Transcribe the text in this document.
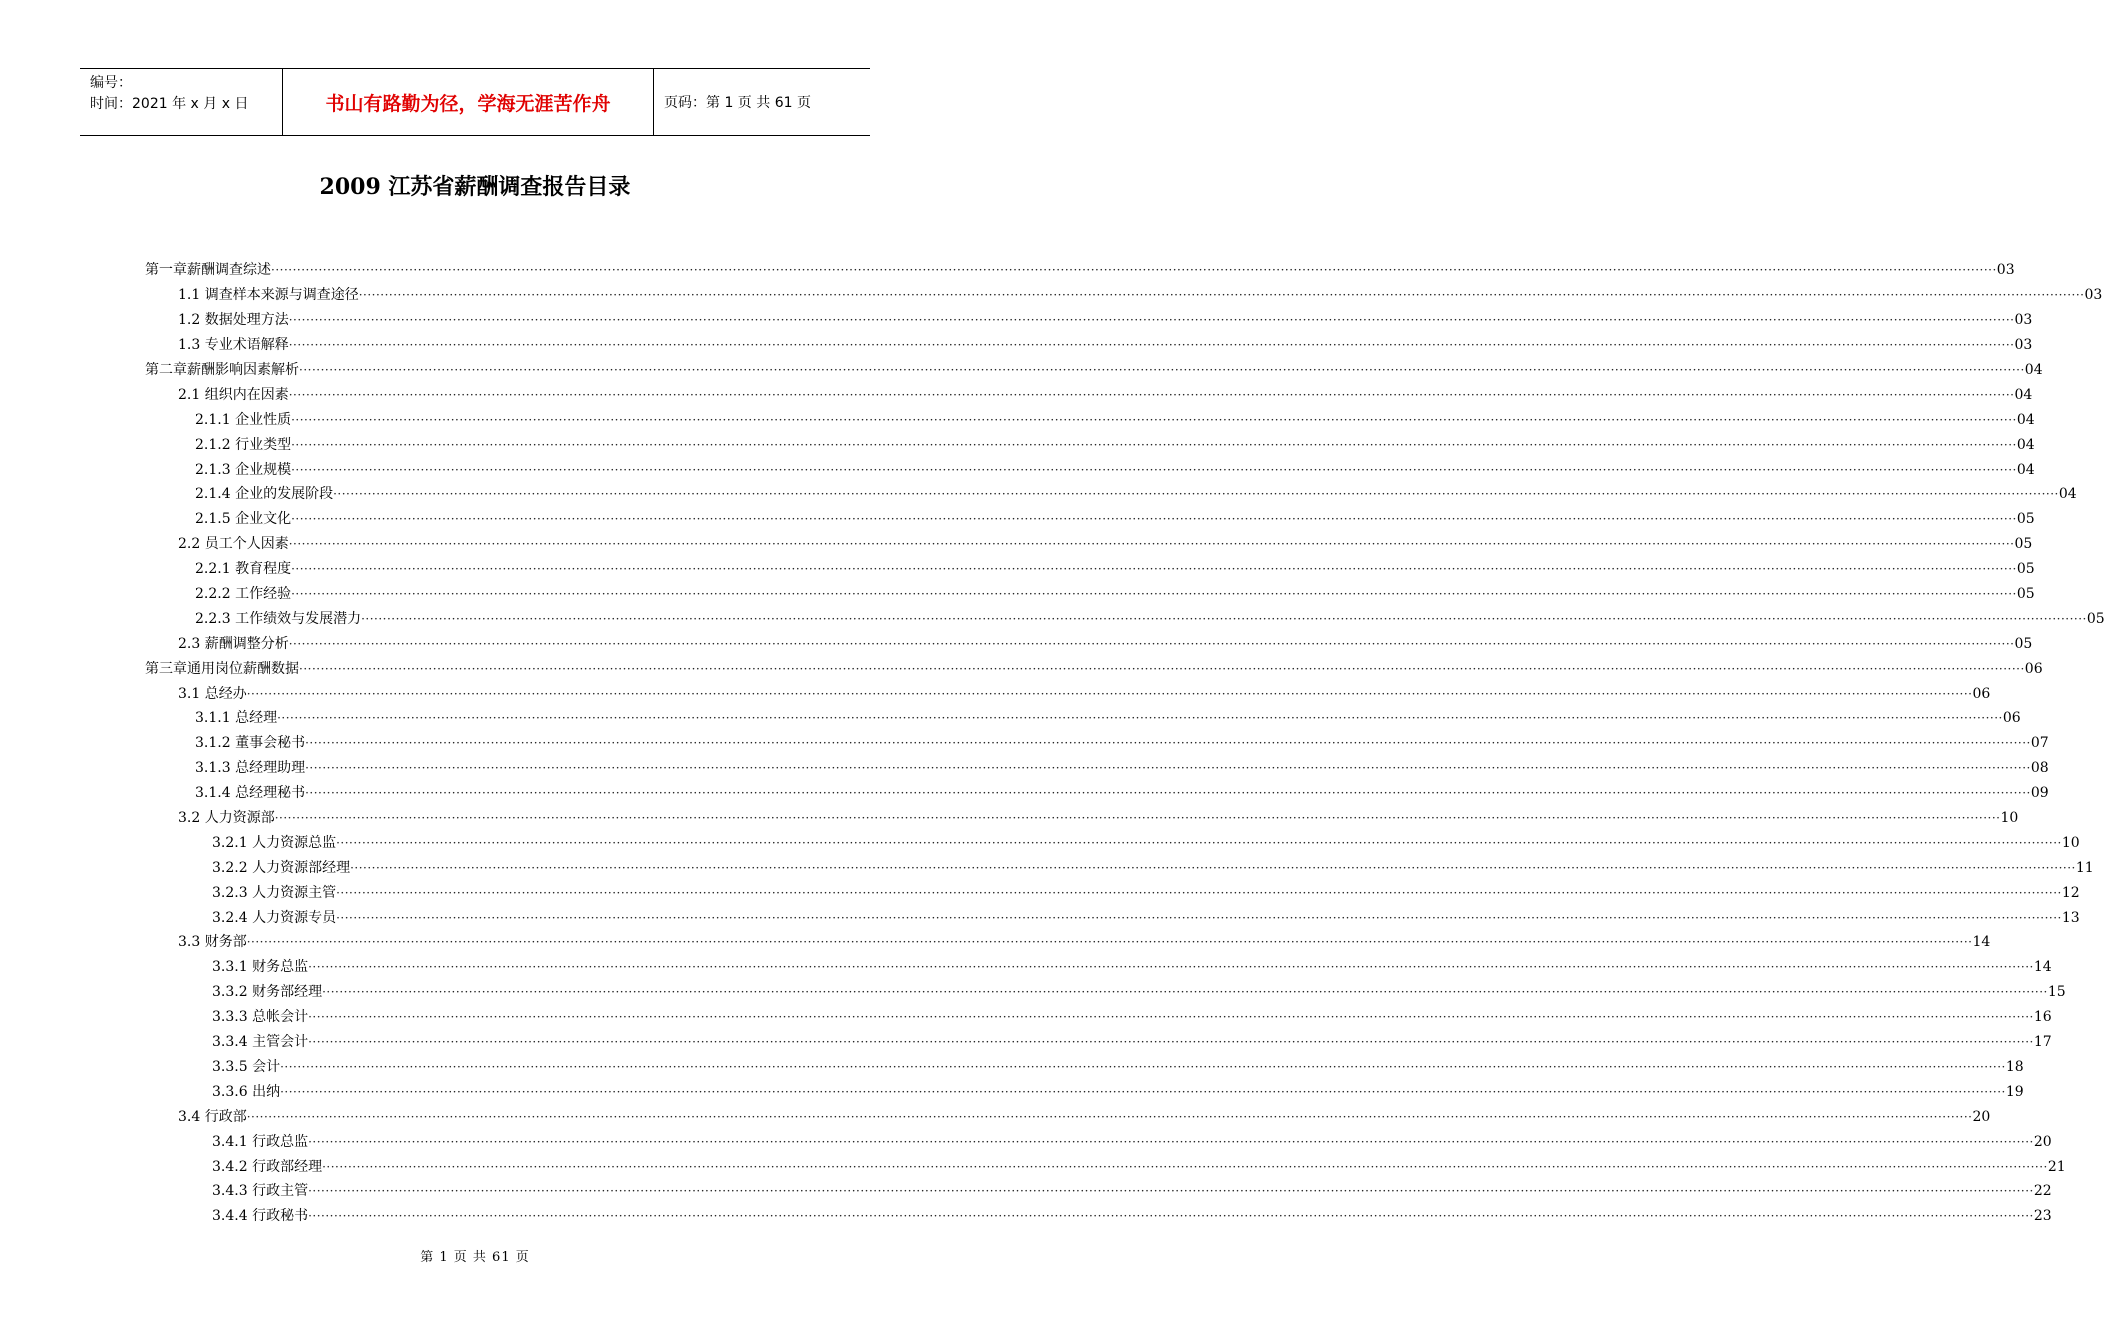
编号：
时间：2021 年 x 月 x 日	书山有路勤为径，学海无涯苦作舟	页码：第 1 页 共 61 页
2009 江苏省薪酬调查报告目录
第一章薪酬调查综述 ················································································································································································································································································································································································································ 03
1.1 调查样本来源与调查途径 ················································································································································································································································································································································································································ 03
1.2 数据处理方法 ················································································································································································································································································································································································································ 03
1.3 专业术语解释 ················································································································································································································································································································································································································ 03
第二章薪酬影响因素解析 ················································································································································································································································································································································································································ 04
2.1 组织内在因素 ················································································································································································································································································································································································································ 04
2.1.1 企业性质 ················································································································································································································································································································································································································ 04
2.1.2 行业类型 ················································································································································································································································································································································································································ 04
2.1.3 企业规模 ················································································································································································································································································································································································································ 04
2.1.4 企业的发展阶段 ················································································································································································································································································································································································································ 04
2.1.5 企业文化 ················································································································································································································································································································································································································ 05
2.2 员工个人因素 ················································································································································································································································································································································································································ 05
2.2.1 教育程度 ················································································································································································································································································································································································································ 05
2.2.2 工作经验 ················································································································································································································································································································································································································ 05
2.2.3 工作绩效与发展潜力 ················································································································································································································································································································································································································ 05
2.3 薪酬调整分析 ················································································································································································································································································································································································································ 05
第三章通用岗位薪酬数据 ················································································································································································································································································································································································································ 06
3.1 总经办 ················································································································································································································································································································································································································ 06
3.1.1 总经理 ················································································································································································································································································································································································································ 06
3.1.2 董事会秘书 ················································································································································································································································································································································································································ 07
3.1.3 总经理助理 ················································································································································································································································································································································································································ 08
3.1.4 总经理秘书 ················································································································································································································································································································································································································ 09
3.2 人力资源部 ················································································································································································································································································································································································································ 10
3.2.1 人力资源总监 ················································································································································································································································································································································································································ 10
3.2.2 人力资源部经理 ················································································································································································································································································································································································································ 11
3.2.3 人力资源主管 ················································································································································································································································································································································································································ 12
3.2.4 人力资源专员 ················································································································································································································································································································································································································ 13
3.3 财务部 ················································································································································································································································································································································································································ 14
3.3.1 财务总监 ················································································································································································································································································································································································································ 14
3.3.2 财务部经理 ················································································································································································································································································································································································································ 15
3.3.3 总帐会计 ················································································································································································································································································································································································································ 16
3.3.4 主管会计 ················································································································································································································································································································································································································ 17
3.3.5 会计 ················································································································································································································································································································································································································ 18
3.3.6 出纳 ················································································································································································································································································································································································································ 19
3.4 行政部 ················································································································································································································································································································································································································ 20
3.4.1 行政总监 ················································································································································································································································································································································································································ 20
3.4.2 行政部经理 ················································································································································································································································································································································································································ 21
3.4.3 行政主管 ················································································································································································································································································································································································································ 22
3.4.4 行政秘书 ················································································································································································································································································································································································································ 23
第 1 页 共 61 页
